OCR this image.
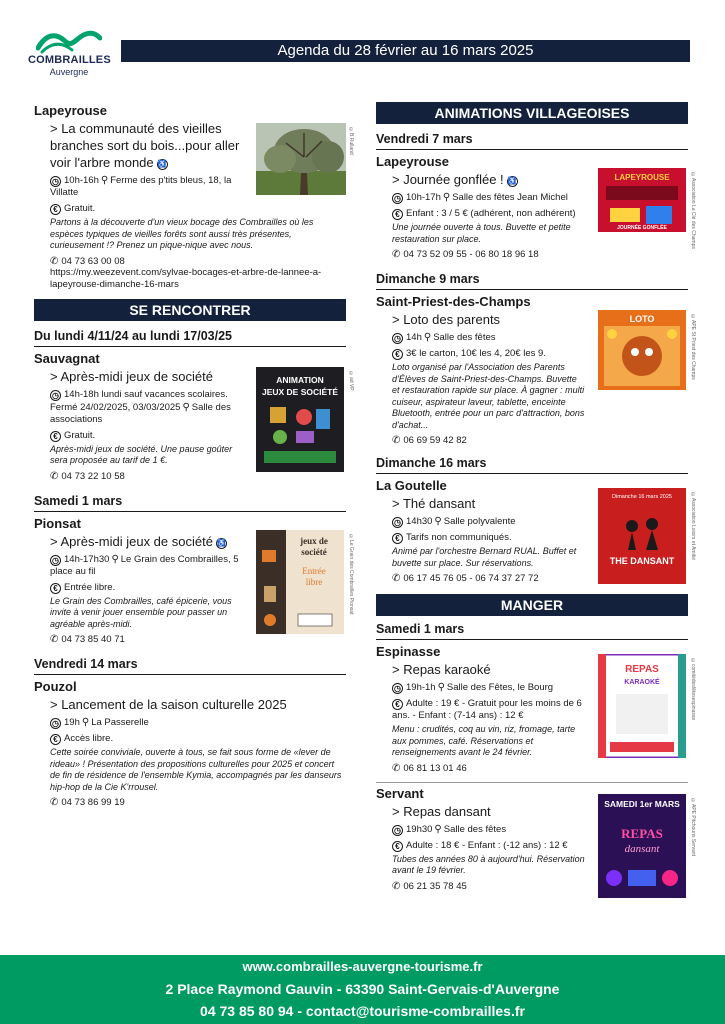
COMBRAILLES
Auvergne
Agenda du 28 février au 16 mars 2025
©B.Rulland
Lapeyrouse
> La communauté des vieilles branches sort du bois...pour aller voir l'arbre monde ♿
◷ 10h-16h ⚲ Ferme des p'tits bleus, 18, la Villatte
€ Gratuit.
Partons à la découverte d'un vieux bocage des Combrailles où les espèces typiques de vieilles forêts sont aussi très présentes, curieusement !? Prenez un pique-nique avec nous.
✆ 04 73 63 00 08
https://my.weezevent.com/sylvae-bocages-et-arbre-de-lannee-a-lapeyrouse-dimanche-16-mars
SE RENCONTRER
Du lundi 4/11/24 au lundi 17/03/25
ANIMATION
JEUX DE SOCIÉTÉ
©ad VP
Sauvagnat
> Après-midi jeux de société
◷ 14h-18h lundi sauf vacances scolaires.
Fermé 24/02/2025, 03/03/2025 ⚲ Salle des associations
€ Gratuit.
Après-midi jeux de société. Une pause goûter sera proposée au tarif de 1 €.
✆ 04 73 22 10 58
Samedi 1 mars
jeux de
société
Entrée
libre	©Le Grain des Combrailles Pionsat
Pionsat
> Après-midi jeux de société ♿
◷ 14h-17h30 ⚲ Le Grain des Combrailles, 5 place au fil
€ Entrée libre.
Le Grain des Combrailles, café épicerie, vous invite à venir jouer ensemble pour passer un agréable après-midi.
✆ 04 73 85 40 71
Vendredi 14 mars
Pouzol
> Lancement de la saison culturelle 2025
◷ 19h ⚲ La Passerelle
€ Accès libre.
Cette soirée conviviale, ouverte à tous, se fait sous forme de «lever de rideau» ! Présentation des propositions culturelles pour 2025 et concert de fin de résidence de l'ensemble Kymia, accompagnés par les danseurs hip-hop de la Cie K'rrousel.
✆ 04 73 86 99 19
ANIMATIONS VILLAGEOISES
Vendredi 7 mars
LAPEYROUSE
JOURNÉE GONFLÉE	©Association La Clé des Champs
Lapeyrouse
> Journée gonflée ! ♿
◷ 10h-17h ⚲ Salle des fêtes Jean Michel
€ Enfant : 3 / 5 € (adhérent, non adhérent)
Une journée ouverte à tous. Buvette et petite restauration sur place.
✆ 04 73 52 09 55 - 06 80 18 96 18
Dimanche 9 mars
LOTO	©APE St Priest des Champs
Saint-Priest-des-Champs
> Loto des parents
◷ 14h ⚲ Salle des fêtes
€ 3€ le carton, 10€ les 4, 20€ les 9.
Loto organisé par l'Association des Parents d'Élèves de Saint-Priest-des-Champs. Buvette et restauration rapide sur place. À gagner : multi cuiseur, aspirateur laveur, tablette, enceinte Bluetooth, entrée pour un parc d'attraction, bons d'achat...
✆ 06 69 59 42 82
Dimanche 16 mars
Dimanche 16 mars 2025
THE DANSANT
©Association Loisirs et Amitié
La Goutelle
> Thé dansant
◷ 14h30 ⚲ Salle polyvalente
€ Tarifs non communiqués.
Animé par l'orchestre Bernard RUAL. Buffet et buvette sur place. Sur réservations.
✆ 06 17 45 76 05 - 06 74 37 27 72
MANGER
Samedi 1 mars
REPAS
KARAOKÉ	©comitédesfêtesespinasse
Espinasse
> Repas karaoké
◷ 19h-1h ⚲ Salle des Fêtes, le Bourg
€ Adulte : 19 € - Gratuit pour les moins de 6 ans. - Enfant : (7-14 ans) : 12 €
Menu : crudités, coq au vin, riz, fromage, tarte aux pommes, café. Réservations et renseignements avant le 24 février.
✆ 06 81 13 01 46
SAMEDI 1er MARS
REPAS
dansant	©APE Pitchouns Servant
Servant
> Repas dansant
◷ 19h30 ⚲ Salle des fêtes
€ Adulte : 18 € - Enfant : (-12 ans) : 12 €
Tubes des années 80 à aujourd'hui. Réservation avant le 19 février.
✆ 06 21 35 78 45
www.combrailles-auvergne-tourisme.fr
2 Place Raymond Gauvin - 63390 Saint-Gervais-d'Auvergne
04 73 85 80 94 - contact@tourisme-combrailles.fr
